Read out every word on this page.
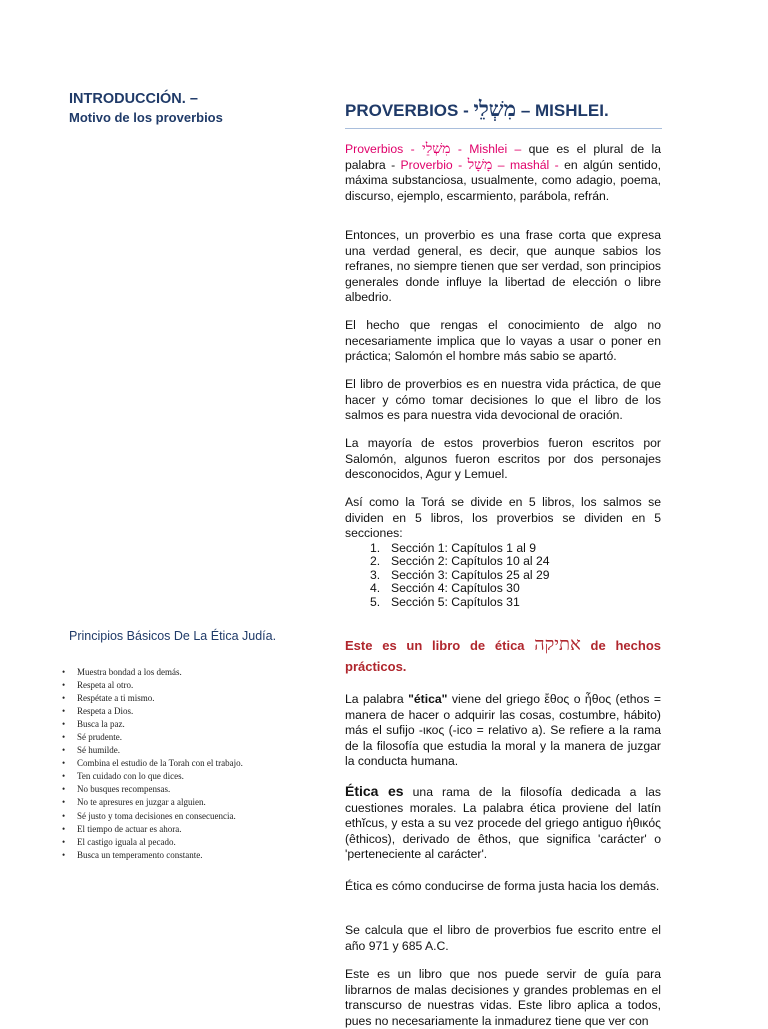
INTRODUCCIÓN. –
Motivo de los proverbios
Principios Básicos De La Ética Judía.
• Muestra bondad a los demás.
• Respeta al otro.
• Respétate a ti mismo.
• Respeta a Dios.
• Busca la paz.
• Sé prudente.
• Sé humilde.
• Combina el estudio de la Torah con el trabajo.
• Ten cuidado con lo que dices.
• No busques recompensas.
• No te apresures en juzgar a alguien.
• Sé justo y toma decisiones en consecuencia.
• El tiempo de actuar es ahora.
• El castigo iguala al pecado.
• Busca un temperamento constante.
PROVERBIOS - מִשְׁלֵי – MISHLEI.

Proverbios - מִשְׁלֵי - Mishlei – que es el plural de la palabra - Proverbio - מָשָׁל – mashál - en algún sentido, máxima substanciosa, usualmente, como adagio, poema, discurso, ejemplo, escarmiento, parábola, refrán.

Entonces, un proverbio es una frase corta que expresa una verdad general, es decir, que aunque sabios los refranes, no siempre tienen que ser verdad, son principios generales donde influye la libertad de elección o libre albedrio.

El hecho que rengas el conocimiento de algo no necesariamente implica que lo vayas a usar o poner en práctica; Salomón el hombre más sabio se apartó.

El libro de proverbios es en nuestra vida práctica, de que hacer y cómo tomar decisiones lo que el libro de los salmos es para nuestra vida devocional de oración.

La mayoría de estos proverbios fueron escritos por Salomón, algunos fueron escritos por dos personajes desconocidos, Agur y Lemuel.

Así como la Torá se divide en 5 libros, los salmos se dividen en 5 libros, los proverbios se dividen en 5 secciones:

1. Sección 1: Capítulos 1 al 9
2. Sección 2: Capítulos 10 al 24
3. Sección 3: Capítulos 25 al 29
4. Sección 4: Capítulos 30
5. Sección 5: Capítulos 31
Este es un libro de ética אתיקה de hechos prácticos.

La palabra "ética" viene del griego ἔθος o ἦθος (ethos = manera de hacer o adquirir las cosas, costumbre, hábito) más el sufijo -ικος (-ico = relativo a). Se refiere a la rama de la filosofía que estudia la moral y la manera de juzgar la conducta humana.

Ética es una rama de la filosofía dedicada a las cuestiones morales. La palabra ética proviene del latín ethĭcus, y esta a su vez procede del griego antiguo ἠθικός (êthicos), derivado de êthos, que significa 'carácter' o 'perteneciente al carácter'.

Ética es cómo conducirse de forma justa hacia los demás.

Se calcula que el libro de proverbios fue escrito entre el año 971 y 685 A.C.

Este es un libro que nos puede servir de guía para librarnos de malas decisiones y grandes problemas en el transcurso de nuestras vidas. Este libro aplica a todos, pues no necesariamente la inmadurez tiene que ver con
